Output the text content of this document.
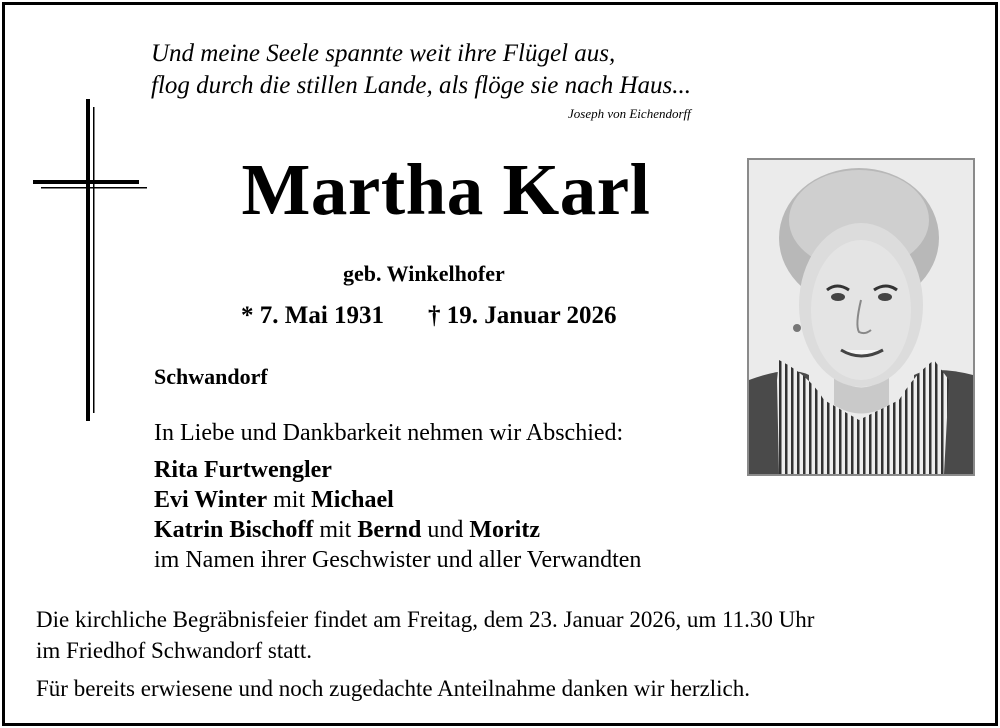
Und meine Seele spannte weit ihre Flügel aus,
flog durch die stillen Lande, als flöge sie nach Haus...
Joseph von Eichendorff
Martha Karl
geb. Winkelhofer
* 7. Mai 1931 † 19. Januar 2026
Schwandorf
In Liebe und Dankbarkeit nehmen wir Abschied:
Rita Furtwengler
Evi Winter mit Michael
Katrin Bischoff mit Bernd und Moritz
im Namen ihrer Geschwister und aller Verwandten
Die kirchliche Begräbnisfeier findet am Freitag, dem 23. Januar 2026, um 11.30 Uhr
im Friedhof Schwandorf statt.
Für bereits erwiesene und noch zugedachte Anteilnahme danken wir herzlich.
